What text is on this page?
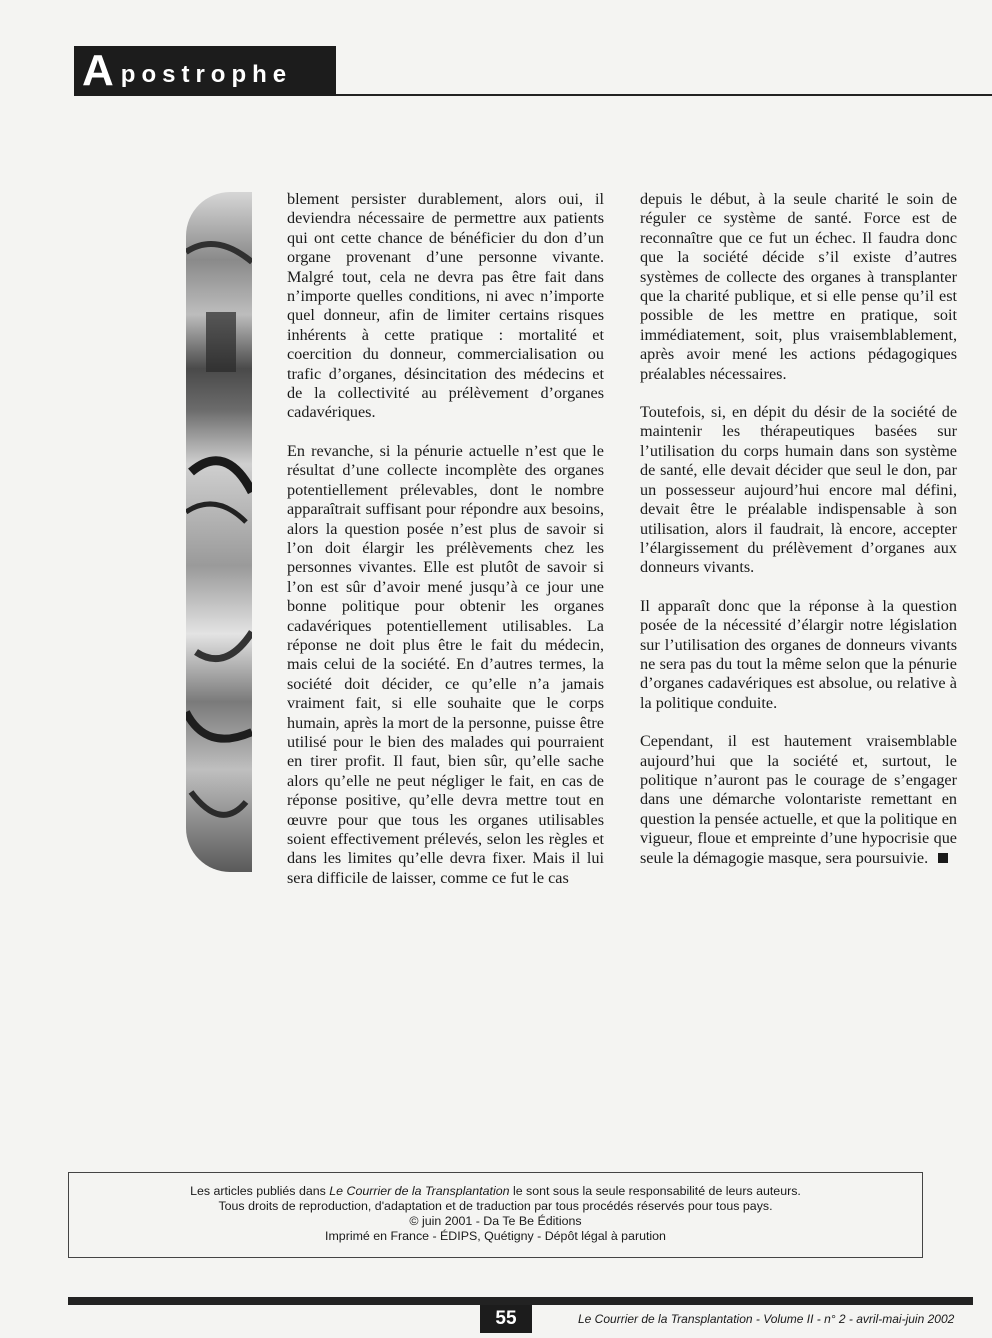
A postrophe

blement persister durablement, alors oui, il deviendra nécessaire de permettre aux patients qui ont cette chance de bénéficier du don d’un organe provenant d’une personne vivante. Malgré tout, cela ne devra pas être fait dans n’importe quelles conditions, ni avec n’importe quel donneur, afin de limiter certains risques inhérents à cette pratique : mortalité et coercition du donneur, commercialisation ou trafic d’organes, désincitation des médecins et de la collectivité au prélèvement d’organes cadavériques.

En revanche, si la pénurie actuelle n’est que le résultat d’une collecte incomplète des organes potentiellement prélevables, dont le nombre apparaîtrait suffisant pour répondre aux besoins, alors la question posée n’est plus de savoir si l’on doit élargir les prélèvements chez les personnes vivantes. Elle est plutôt de savoir si l’on est sûr d’avoir mené jusqu’à ce jour une bonne politique pour obtenir les organes cadavériques potentiellement utilisables. La réponse ne doit plus être le fait du médecin, mais celui de la société. En d’autres termes, la société doit décider, ce qu’elle n’a jamais vraiment fait, si elle souhaite que le corps humain, après la mort de la personne, puisse être utilisé pour le bien des malades qui pourraient en tirer profit. Il faut, bien sûr, qu’elle sache alors qu’elle ne peut négliger le fait, en cas de réponse positive, qu’elle devra mettre tout en œuvre pour que tous les organes utilisables soient effectivement prélevés, selon les règles et dans les limites qu’elle devra fixer. Mais il lui sera difficile de laisser, comme ce fut le cas

depuis le début, à la seule charité le soin de réguler ce système de santé. Force est de reconnaître que ce fut un échec. Il faudra donc que la société décide s’il existe d’autres systèmes de collecte des organes à transplanter que la charité publique, et si elle pense qu’il est possible de les mettre en pratique, soit immédiatement, soit, plus vraisemblablement, après avoir mené les actions pédagogiques préalables nécessaires.

Toutefois, si, en dépit du désir de la société de maintenir les thérapeutiques basées sur l’utilisation du corps humain dans son système de santé, elle devait décider que seul le don, par un possesseur aujourd’hui encore mal défini, devait être le préalable indispensable à son utilisation, alors il faudrait, là encore, accepter l’élargissement du prélèvement d’organes aux donneurs vivants.

Il apparaît donc que la réponse à la question posée de la nécessité d’élargir notre législation sur l’utilisation des organes de donneurs vivants ne sera pas du tout la même selon que la pénurie d’organes cadavériques est absolue, ou relative à la politique conduite.

Cependant, il est hautement vraisemblable aujourd’hui que la société et, surtout, le politique n’auront pas le courage de s’engager dans une démarche volontariste remettant en question la pensée actuelle, et que la politique en vigueur, floue et empreinte d’une hypocrisie que seule la démagogie masque, sera poursuivie.

Les articles publiés dans Le Courrier de la Transplantation le sont sous la seule responsabilité de leurs auteurs.
Tous droits de reproduction, d'adaptation et de traduction par tous procédés réservés pour tous pays.
© juin 2001 - Da Te Be Éditions
Imprimé en France - ÉDIPS, Quétigny - Dépôt légal à parution
55	Le Courrier de la Transplantation - Volume II - n° 2 - avril-mai-juin 2002
